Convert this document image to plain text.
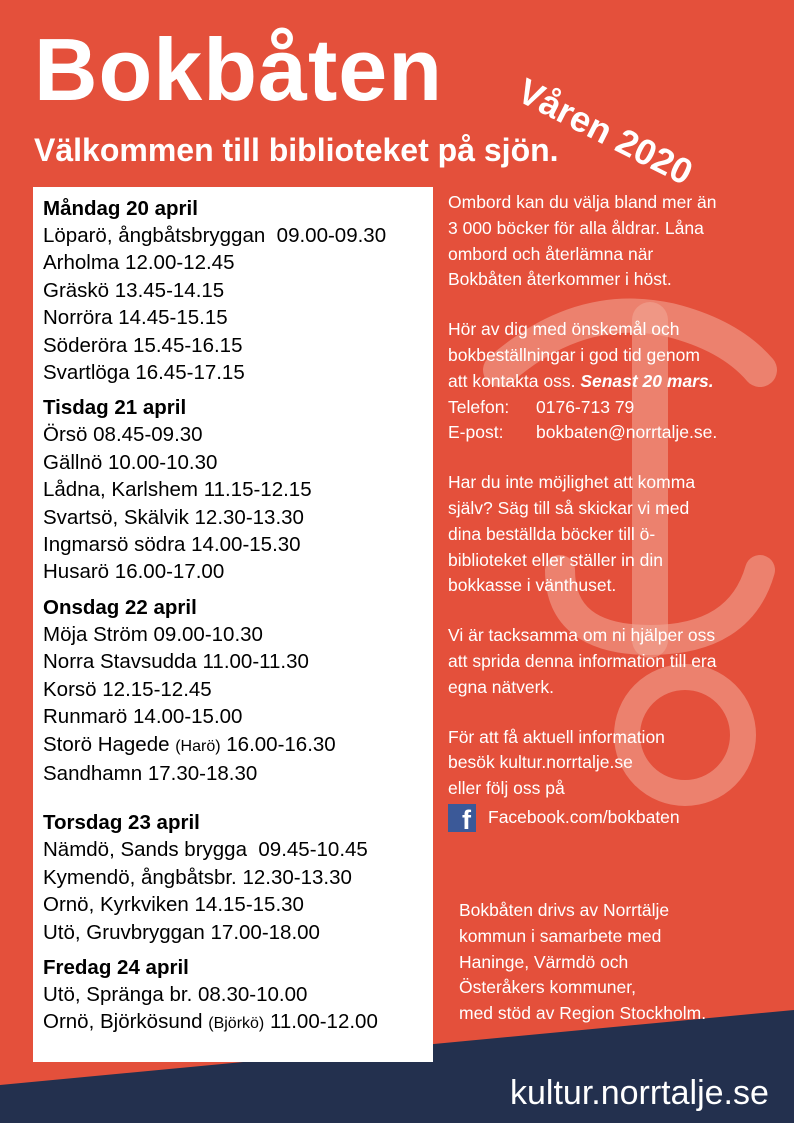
Bokbåten
Våren 2020
Välkommen till biblioteket på sjön.
Måndag 20 april
Löparö, ångbåtsbryggan 09.00-09.30
Arholma 12.00-12.45
Gräskö 13.45-14.15
Norröra 14.45-15.15
Söderöra 15.45-16.15
Svartlöga 16.45-17.15
Tisdag 21 april
Örsö 08.45-09.30
Gällnö 10.00-10.30
Lådna, Karlshem 11.15-12.15
Svartsö, Skälvik 12.30-13.30
Ingmarsö södra 14.00-15.30
Husarö 16.00-17.00
Onsdag 22 april
Möja Ström 09.00-10.30
Norra Stavsudda 11.00-11.30
Korsö 12.15-12.45
Runmarö 14.00-15.00
Storö Hagede (Harö) 16.00-16.30
Sandhamn 17.30-18.30
Torsdag 23 april
Nämdö, Sands brygga 09.45-10.45
Kymendö, ångbåtsbr. 12.30-13.30
Ornö, Kyrkviken 14.15-15.30
Utö, Gruvbryggan 17.00-18.00
Fredag 24 april
Utö, Spränga br. 08.30-10.00
Ornö, Björkösund (Björkö) 11.00-12.00

Ombord kan du välja bland mer än
3 000 böcker för alla åldrar. Låna
ombord och återlämna när
Bokbåten återkommer i höst.

Hör av dig med önskemål och
bokbeställningar i god tid genom
att kontakta oss. Senast 20 mars.
Telefon:	0176-713 79
E-post:	bokbaten@norrtalje.se.

Har du inte möjlighet att komma
själv? Säg till så skickar vi med
dina beställda böcker till ö-
biblioteket eller ställer in din
bokkasse i vänthuset.

Vi är tacksamma om ni hjälper oss
att sprida denna information till era
egna nätverk.

För att få aktuell information
besök kultur.norrtalje.se
eller följ oss på
f Facebook.com/bokbaten

Bokbåten drivs av Norrtälje
kommun i samarbete med
Haninge, Värmdö och
Österåkers kommuner,
med stöd av Region Stockholm.
kultur.norrtalje.se
